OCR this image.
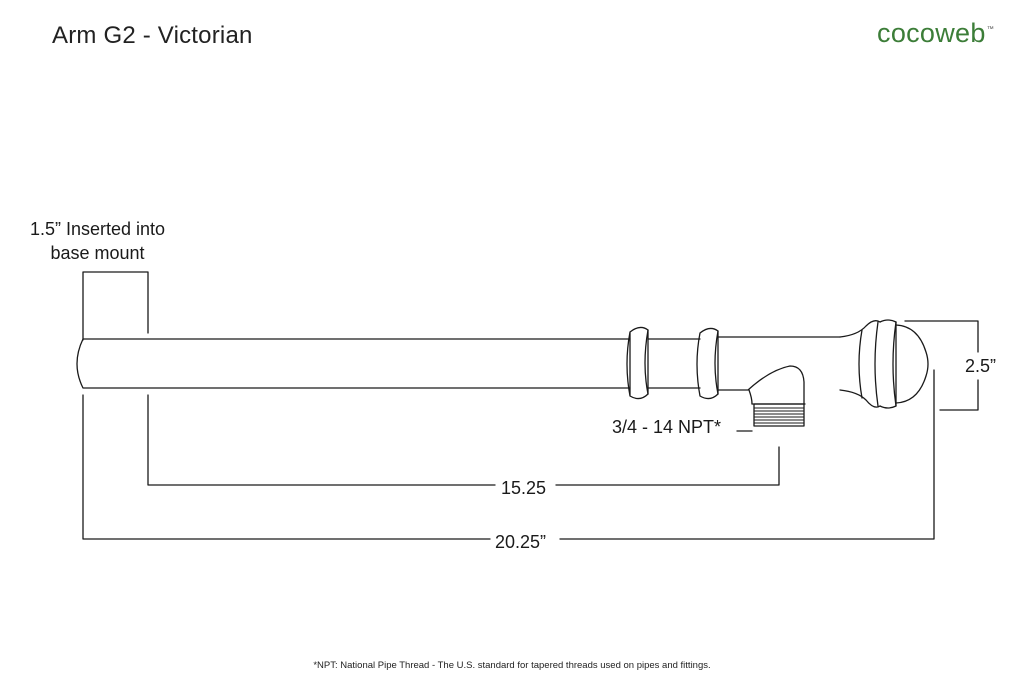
Arm G2 - Victorian	cocoweb™
1.5” Inserted into
base mount
3/4 - 14 NPT*
15.25
20.25”
2.5”
*NPT: National Pipe Thread - The U.S. standard for tapered threads used on pipes and fittings.
